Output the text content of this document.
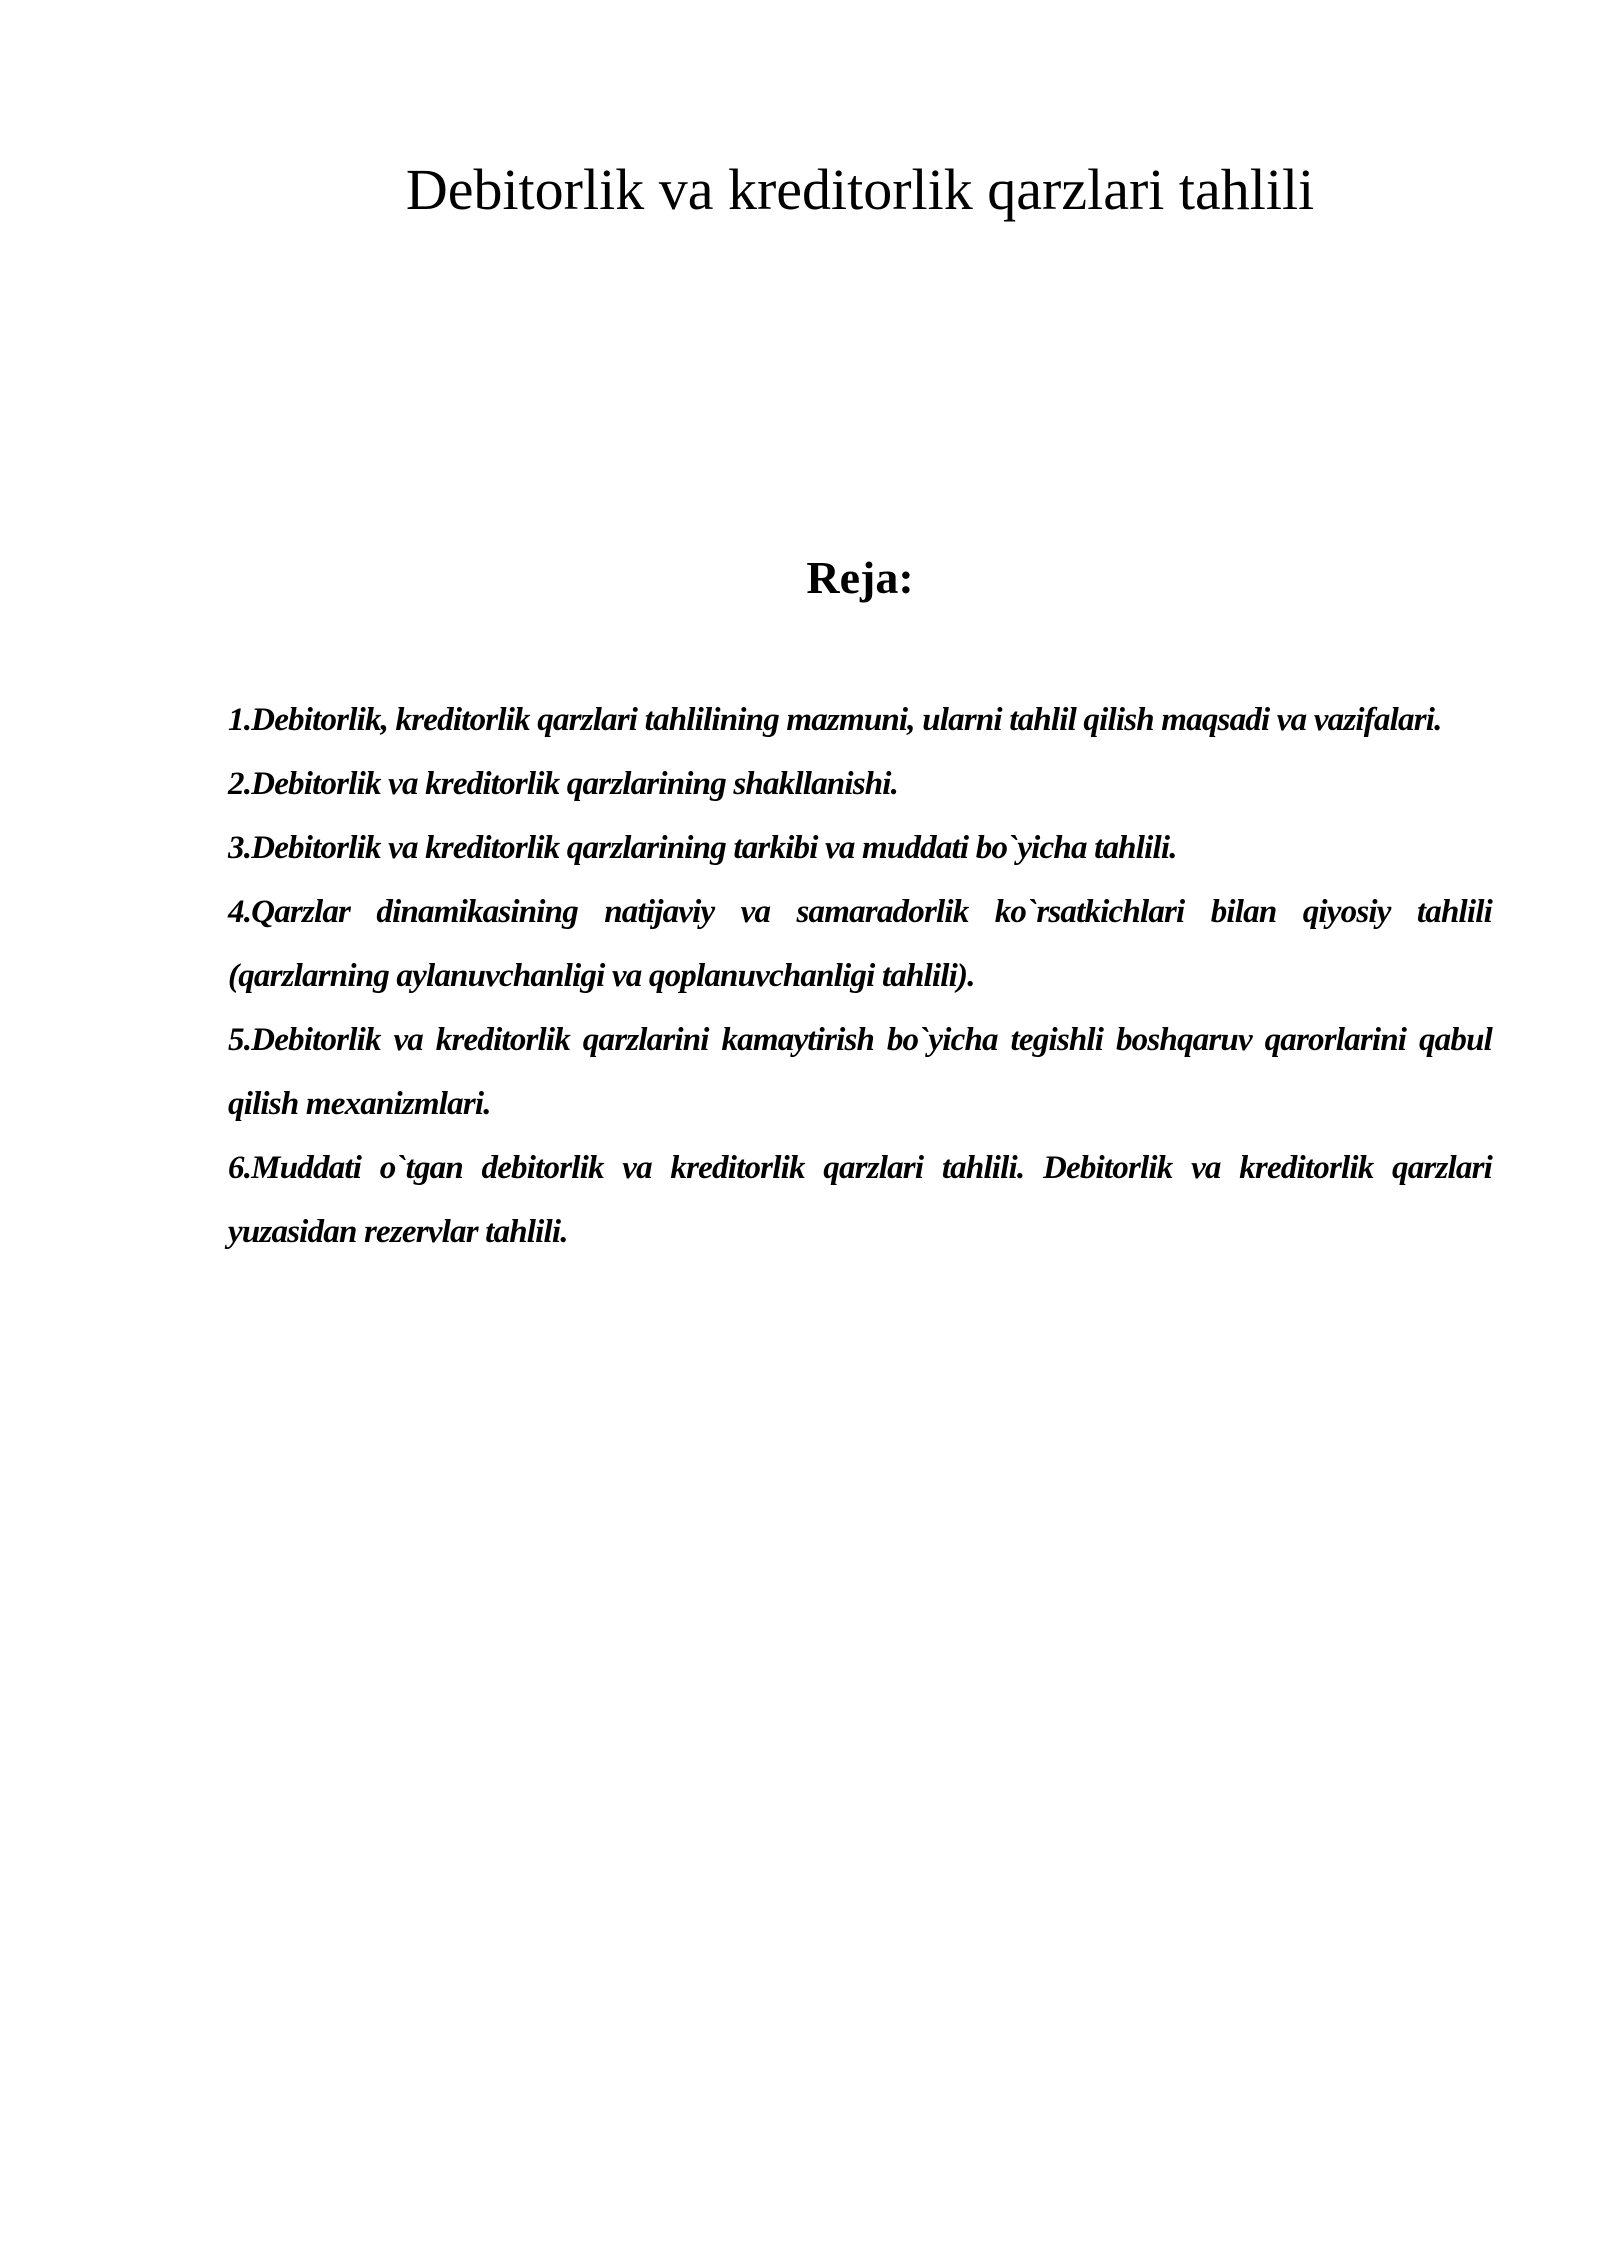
Debitorlik va kreditorlik qarzlari tahlili
Reja:
1.Debitorlik, kreditorlik qarzlari tahlilining mazmuni, ularni tahlil qilish maqsadi va vazifalari.
2.Debitorlik va kreditorlik qarzlarining shakllanishi.
3.Debitorlik va kreditorlik qarzlarining tarkibi va muddati bo`yicha tahlili.
4.Qarzlar dinamikasining natijaviy va samaradorlik ko`rsatkichlari bilan qiyosiy tahlili (qarzlarning aylanuvchanligi va qoplanuvchanligi tahlili).
5.Debitorlik va kreditorlik qarzlarini kamaytirish bo`yicha tegishli boshqaruv qarorlarini qabul qilish mexanizmlari.
6.Muddati o`tgan debitorlik va kreditorlik qarzlari tahlili. Debitorlik va kreditorlik qarzlari yuzasidan rezervlar tahlili.
